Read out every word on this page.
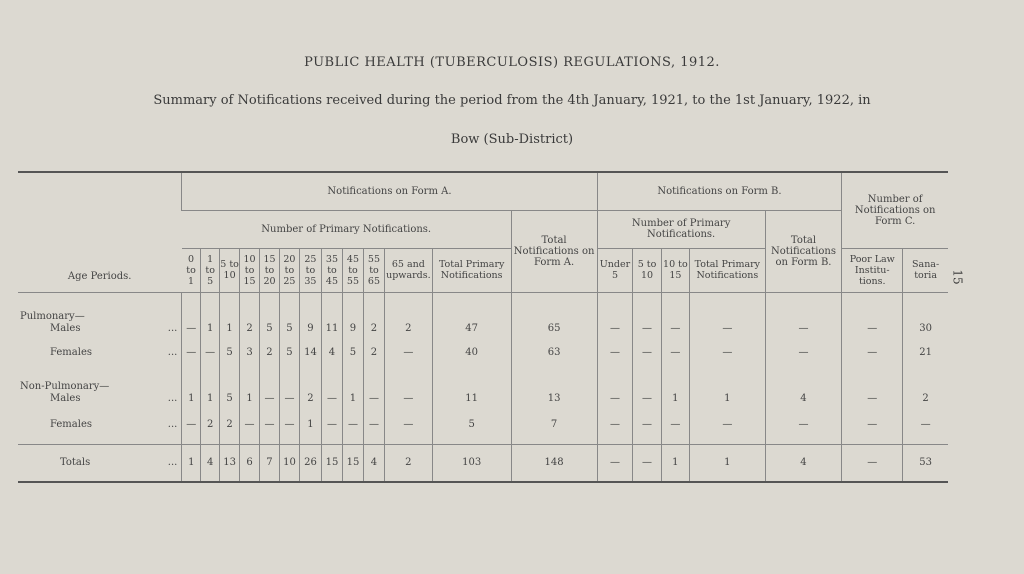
PUBLIC HEALTH (TUBERCULOSIS) REGULATIONS, 1912.
Summary of Notifications received during the period from the 4th January, 1921, to the 1st January, 1922, in
Bow (Sub-District)
15
Age Periods.	Notifications on Form A.													Notifications on Form B.					Number of Notifications on Form C.	
	Number of Primary Notifications.												Total Notifications on Form A.	Number of Primary Notifications.				Total Notifications on Form B.		
	0 to 1	1 to 5	5 to 10	10 to 15	15 to 20	20 to 25	25 to 35	35 to 45	45 to 55	55 to 65	65 and upwards.	Total Primary Notifications		Under 5	5 to 10	10 to 15	Total Primary Notifications		Poor Law Institu-tions.	Sana-toria

Pulmonary—
Males ...	—	1	1	2	5	5	9	11	9	2	2	47	65	—	—	—	—	—	—	30

Females ...	—	—	5	3	2	5	14	4	5	2	—	40	63	—	—	—	—	—	—	21

Non-Pulmonary—
Males ...	1	1	5	1	—	—	2	—	1	—	—	11	13	—	—	1	1	4	—	2

Females ...	—	2	2	—	—	—	1	—	—	—	—	5	7	—	—	—	—	—	—	—

Totals ...	1	4	13	6	7	10	26	15	15	4	2	103	148	—	—	1	1	4	—	53
